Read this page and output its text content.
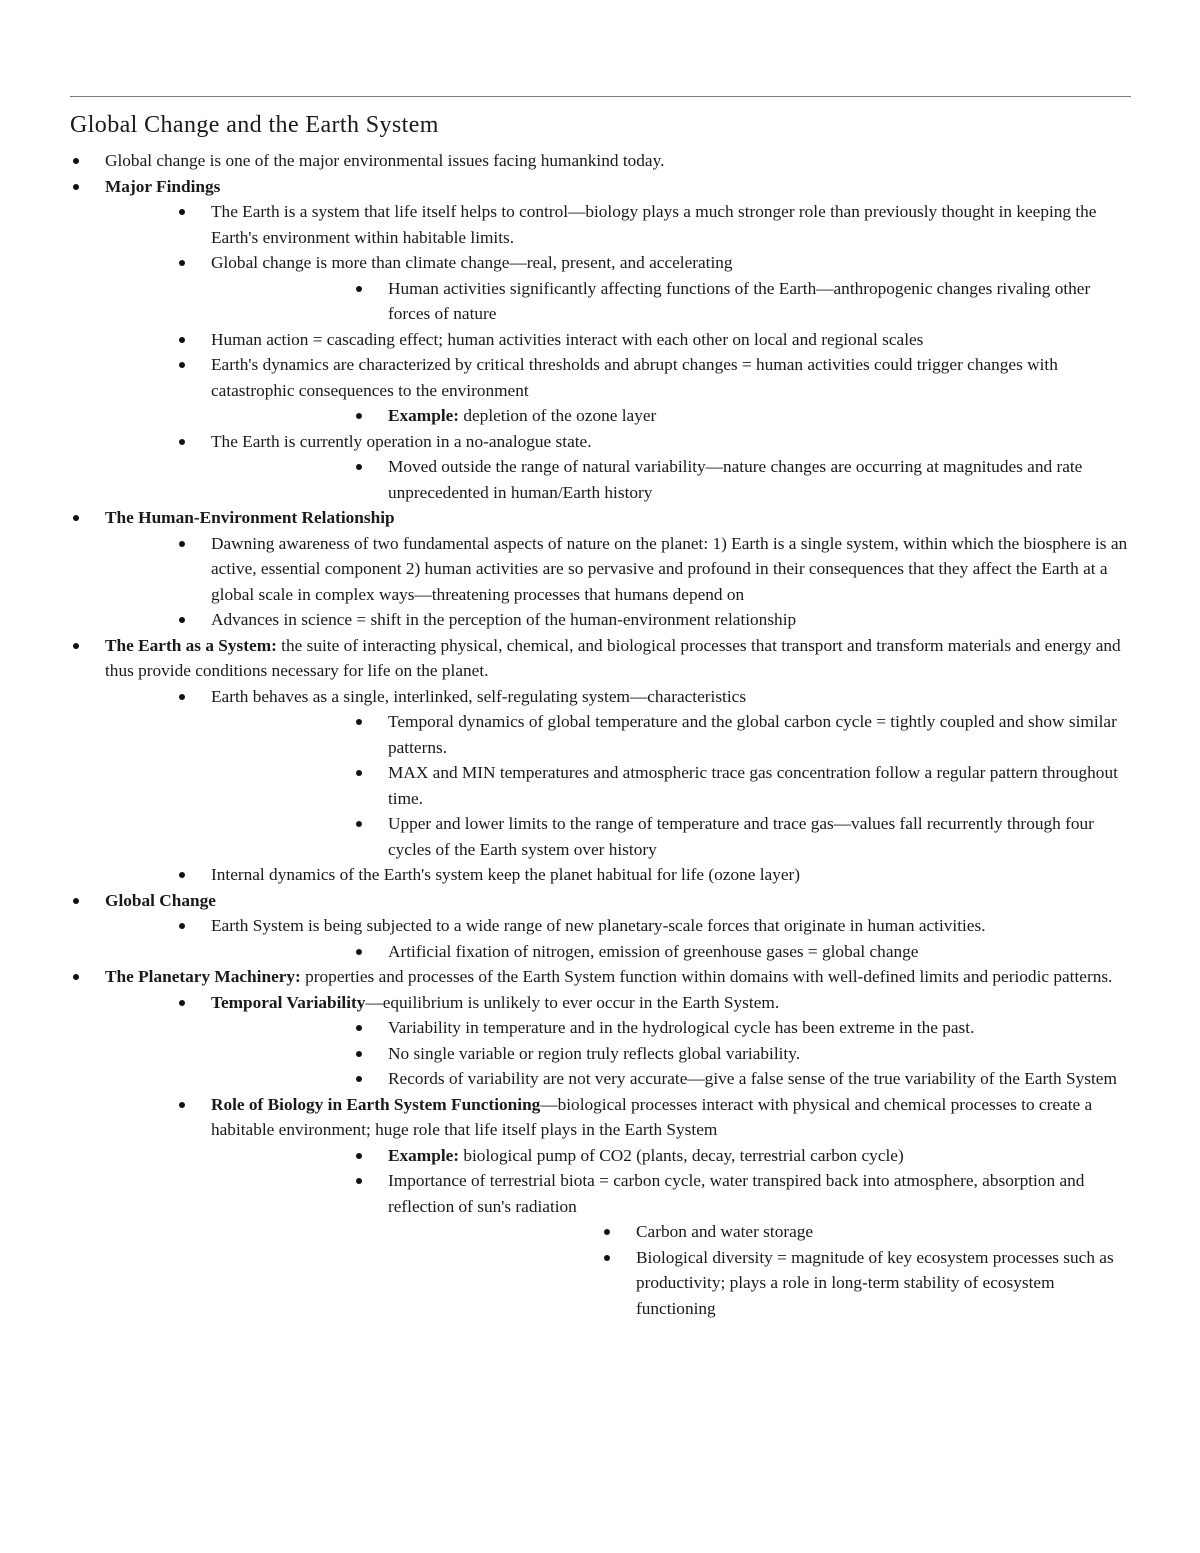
Global Change and the Earth System
Global change is one of the major environmental issues facing humankind today.
Major Findings
The Earth is a system that life itself helps to control—biology plays a much stronger role than previously thought in keeping the Earth's environment within habitable limits.
Global change is more than climate change—real, present, and accelerating
Human activities significantly affecting functions of the Earth—anthropogenic changes rivaling other forces of nature
Human action = cascading effect; human activities interact with each other on local and regional scales
Earth's dynamics are characterized by critical thresholds and abrupt changes = human activities could trigger changes with catastrophic consequences to the environment
Example: depletion of the ozone layer
The Earth is currently operation in a no-analogue state.
Moved outside the range of natural variability—nature changes are occurring at magnitudes and rate unprecedented in human/Earth history
The Human-Environment Relationship
Dawning awareness of two fundamental aspects of nature on the planet: 1) Earth is a single system, within which the biosphere is an active, essential component 2) human activities are so pervasive and profound in their consequences that they affect the Earth at a global scale in complex ways—threatening processes that humans depend on
Advances in science = shift in the perception of the human-environment relationship
The Earth as a System: the suite of interacting physical, chemical, and biological processes that transport and transform materials and energy and thus provide conditions necessary for life on the planet.
Earth behaves as a single, interlinked, self-regulating system—characteristics
Temporal dynamics of global temperature and the global carbon cycle = tightly coupled and show similar patterns.
MAX and MIN temperatures and atmospheric trace gas concentration follow a regular pattern throughout time.
Upper and lower limits to the range of temperature and trace gas—values fall recurrently through four cycles of the Earth system over history
Internal dynamics of the Earth's system keep the planet habitual for life (ozone layer)
Global Change
Earth System is being subjected to a wide range of new planetary-scale forces that originate in human activities.
Artificial fixation of nitrogen, emission of greenhouse gases = global change
The Planetary Machinery: properties and processes of the Earth System function within domains with well-defined limits and periodic patterns.
Temporal Variability—equilibrium is unlikely to ever occur in the Earth System.
Variability in temperature and in the hydrological cycle has been extreme in the past.
No single variable or region truly reflects global variability.
Records of variability are not very accurate—give a false sense of the true variability of the Earth System
Role of Biology in Earth System Functioning—biological processes interact with physical and chemical processes to create a habitable environment; huge role that life itself plays in the Earth System
Example: biological pump of CO2 (plants, decay, terrestrial carbon cycle)
Importance of terrestrial biota = carbon cycle, water transpired back into atmosphere, absorption and reflection of sun's radiation
Carbon and water storage
Biological diversity = magnitude of key ecosystem processes such as productivity; plays a role in long-term stability of ecosystem functioning
